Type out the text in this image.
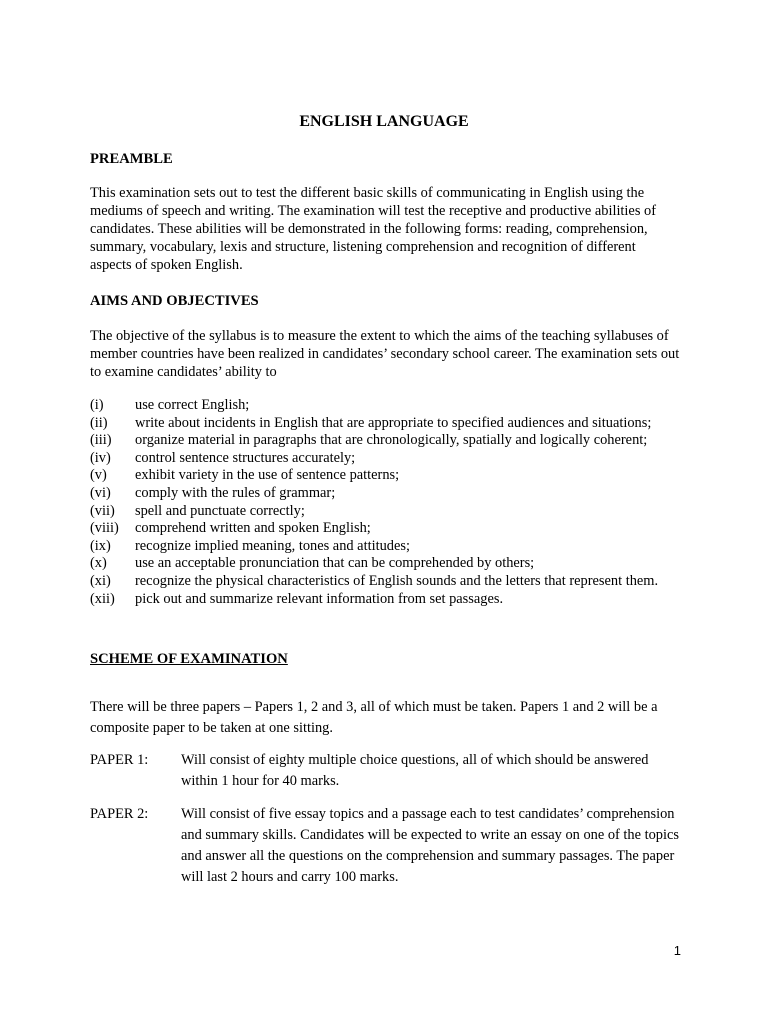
ENGLISH LANGUAGE
PREAMBLE

This examination sets out to test the different basic skills of communicating in English using the mediums of speech and writing. The examination will test the receptive and productive abilities of candidates. These abilities will be demonstrated in the following forms: reading, comprehension, summary, vocabulary, lexis and structure, listening comprehension and recognition of different aspects of spoken English.

AIMS AND OBJECTIVES

The objective of the syllabus is to measure the extent to which the aims of the teaching syllabuses of member countries have been realized in candidates’ secondary school career. The examination sets out to examine candidates’ ability to

(i)	use correct English;
(ii)	write about incidents in English that are appropriate to specified audiences and situations;
(iii)	organize material in paragraphs that are chronologically, spatially and logically coherent;
(iv)	control sentence structures accurately;
(v)	exhibit variety in the use of sentence patterns;
(vi)	comply with the rules of grammar;
(vii)	spell and punctuate correctly;
(viii)	comprehend written and spoken English;
(ix)	recognize implied meaning, tones and attitudes;
(x)	use an acceptable pronunciation that can be comprehended by others;
(xi)	recognize the physical characteristics of English sounds and the letters that represent them.
(xii)	pick out and summarize relevant information from set passages.
SCHEME OF EXAMINATION

There will be three papers – Papers 1, 2 and 3, all of which must be taken. Papers 1 and 2 will be a composite paper to be taken at one sitting.

PAPER 1:	Will consist of eighty multiple choice questions, all of which should be answered within 1 hour for 40 marks.
PAPER 2:	Will consist of five essay topics and a passage each to test candidates’ comprehension and summary skills. Candidates will be expected to write an essay on one of the topics and answer all the questions on the comprehension and summary passages. The paper will last 2 hours and carry 100 marks.
1
